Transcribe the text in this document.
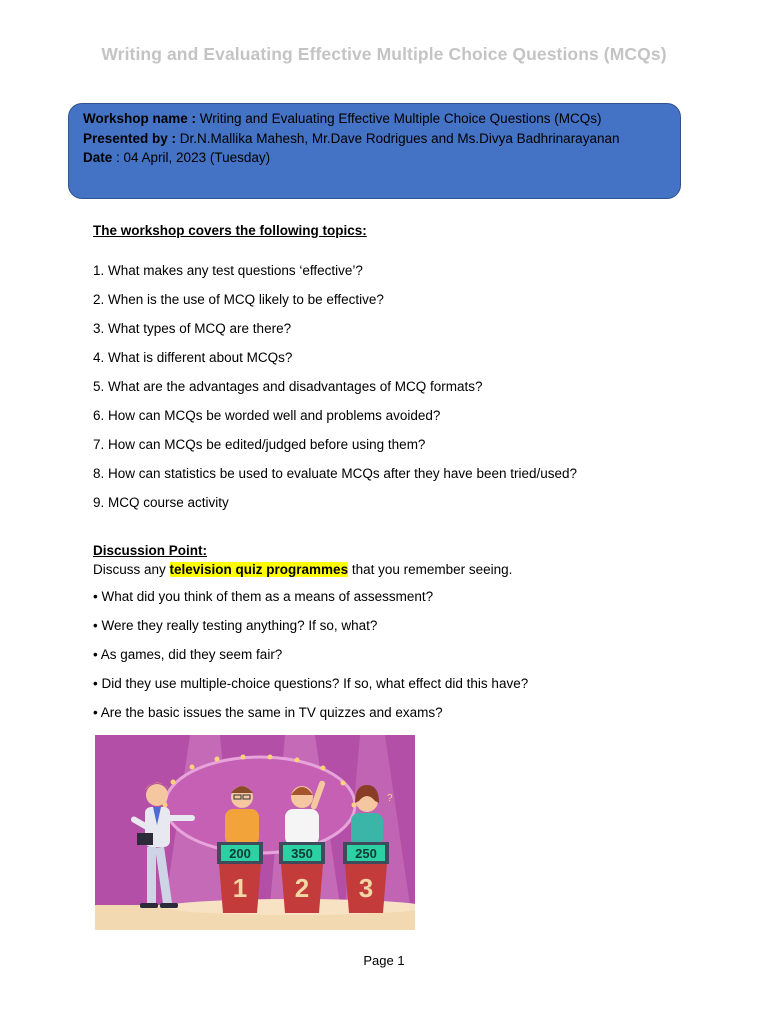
Writing and Evaluating Effective Multiple Choice Questions (MCQs)
Workshop name : Writing and Evaluating Effective Multiple Choice Questions (MCQs)
Presented by : Dr.N.Mallika Mahesh, Mr.Dave Rodrigues and Ms.Divya Badhrinarayanan
Date : 04 April, 2023 (Tuesday)
The workshop covers the following topics:
1. What makes any test questions ‘effective’?
2. When is the use of MCQ likely to be effective?
3. What types of MCQ are there?
4. What is different about MCQs?
5. What are the advantages and disadvantages of MCQ formats?
6. How can MCQs be worded well and problems avoided?
7. How can MCQs be edited/judged before using them?
8. How can statistics be used to evaluate MCQs after they have been tried/used?
9. MCQ course activity
Discussion Point:
Discuss any television quiz programmes that you remember seeing.
• What did you think of them as a means of assessment?
• Were they really testing anything? If so, what?
• As games, did they seem fair?
• Did they use multiple-choice questions? If so, what effect did this have?
• Are the basic issues the same in TV quizzes and exams?
?
200
1
350
2
250
3
Page 1
